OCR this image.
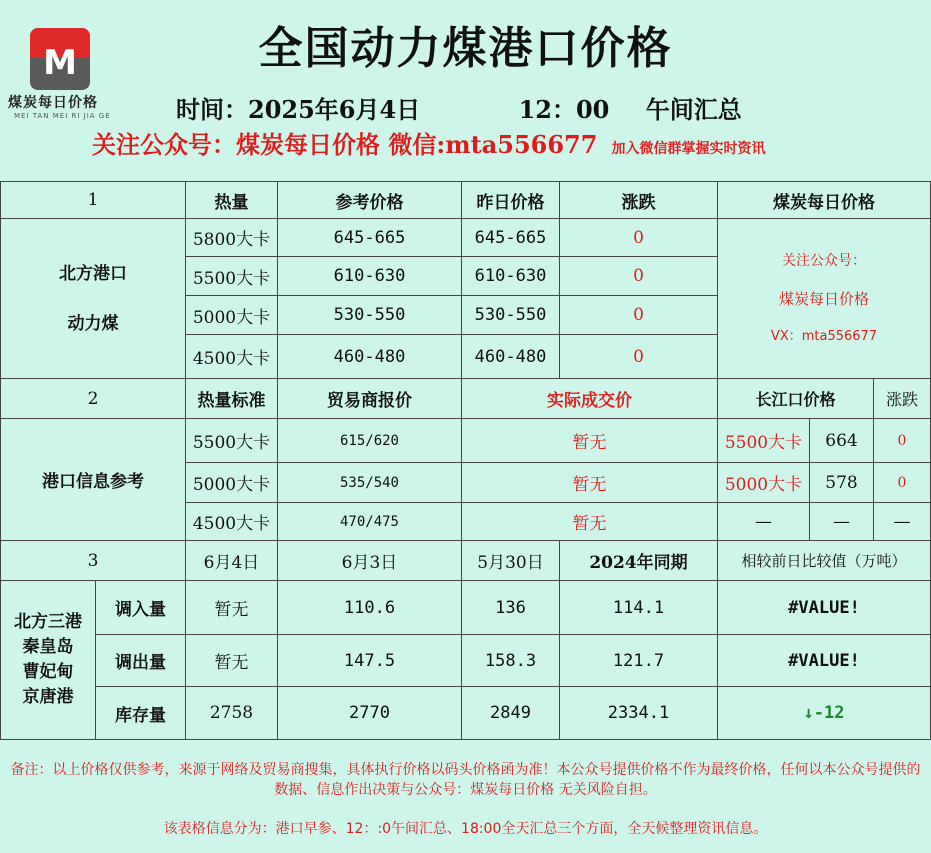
M
煤炭每日价格
MEI TAN MEI RI JIA GE
全国动力煤港口价格
时间：2025年6月4日	12：00 午间汇总
关注公众号：煤炭每日价格 微信:mta556677 加入微信群掌握实时资讯
1	热量	参考价格	昨日价格	涨跌	煤炭每日价格
北方港口
动力煤
5800大卡	645-665	645-665	0
5500大卡	610-630	610-630	0
5000大卡	530-550	530-550	0
4500大卡	460-480	460-480	0
关注公众号：
煤炭每日价格
VX：mta556677
2	热量标准	贸易商报价	实际成交价	长江口价格	涨跌
港口信息参考
5500大卡	615/620	暂无	5500大卡	664	0
5000大卡	535/540	暂无	5000大卡	578	0
4500大卡	470/475	暂无	—	—	—
3	6月4日	6月3日	5月30日	2024年同期	相较前日比较值（万吨）
北方三港
秦皇岛
曹妃甸
京唐港
调入量	暂无	110.6	136	114.1	#VALUE!
调出量	暂无	147.5	158.3	121.7	#VALUE!
库存量	2758	2770	2849	2334.1	↓-12
备注：以上价格仅供参考，来源于网络及贸易商搜集，具体执行价格以码头价格函为准！本公众号提供价格不作为最终价格，任何以本公众号提供的数据、信息作出决策与公众号：煤炭每日价格 无关风险自担。
该表格信息分为：港口早参、12：:0午间汇总、18:00全天汇总三个方面，全天候整理资讯信息。
